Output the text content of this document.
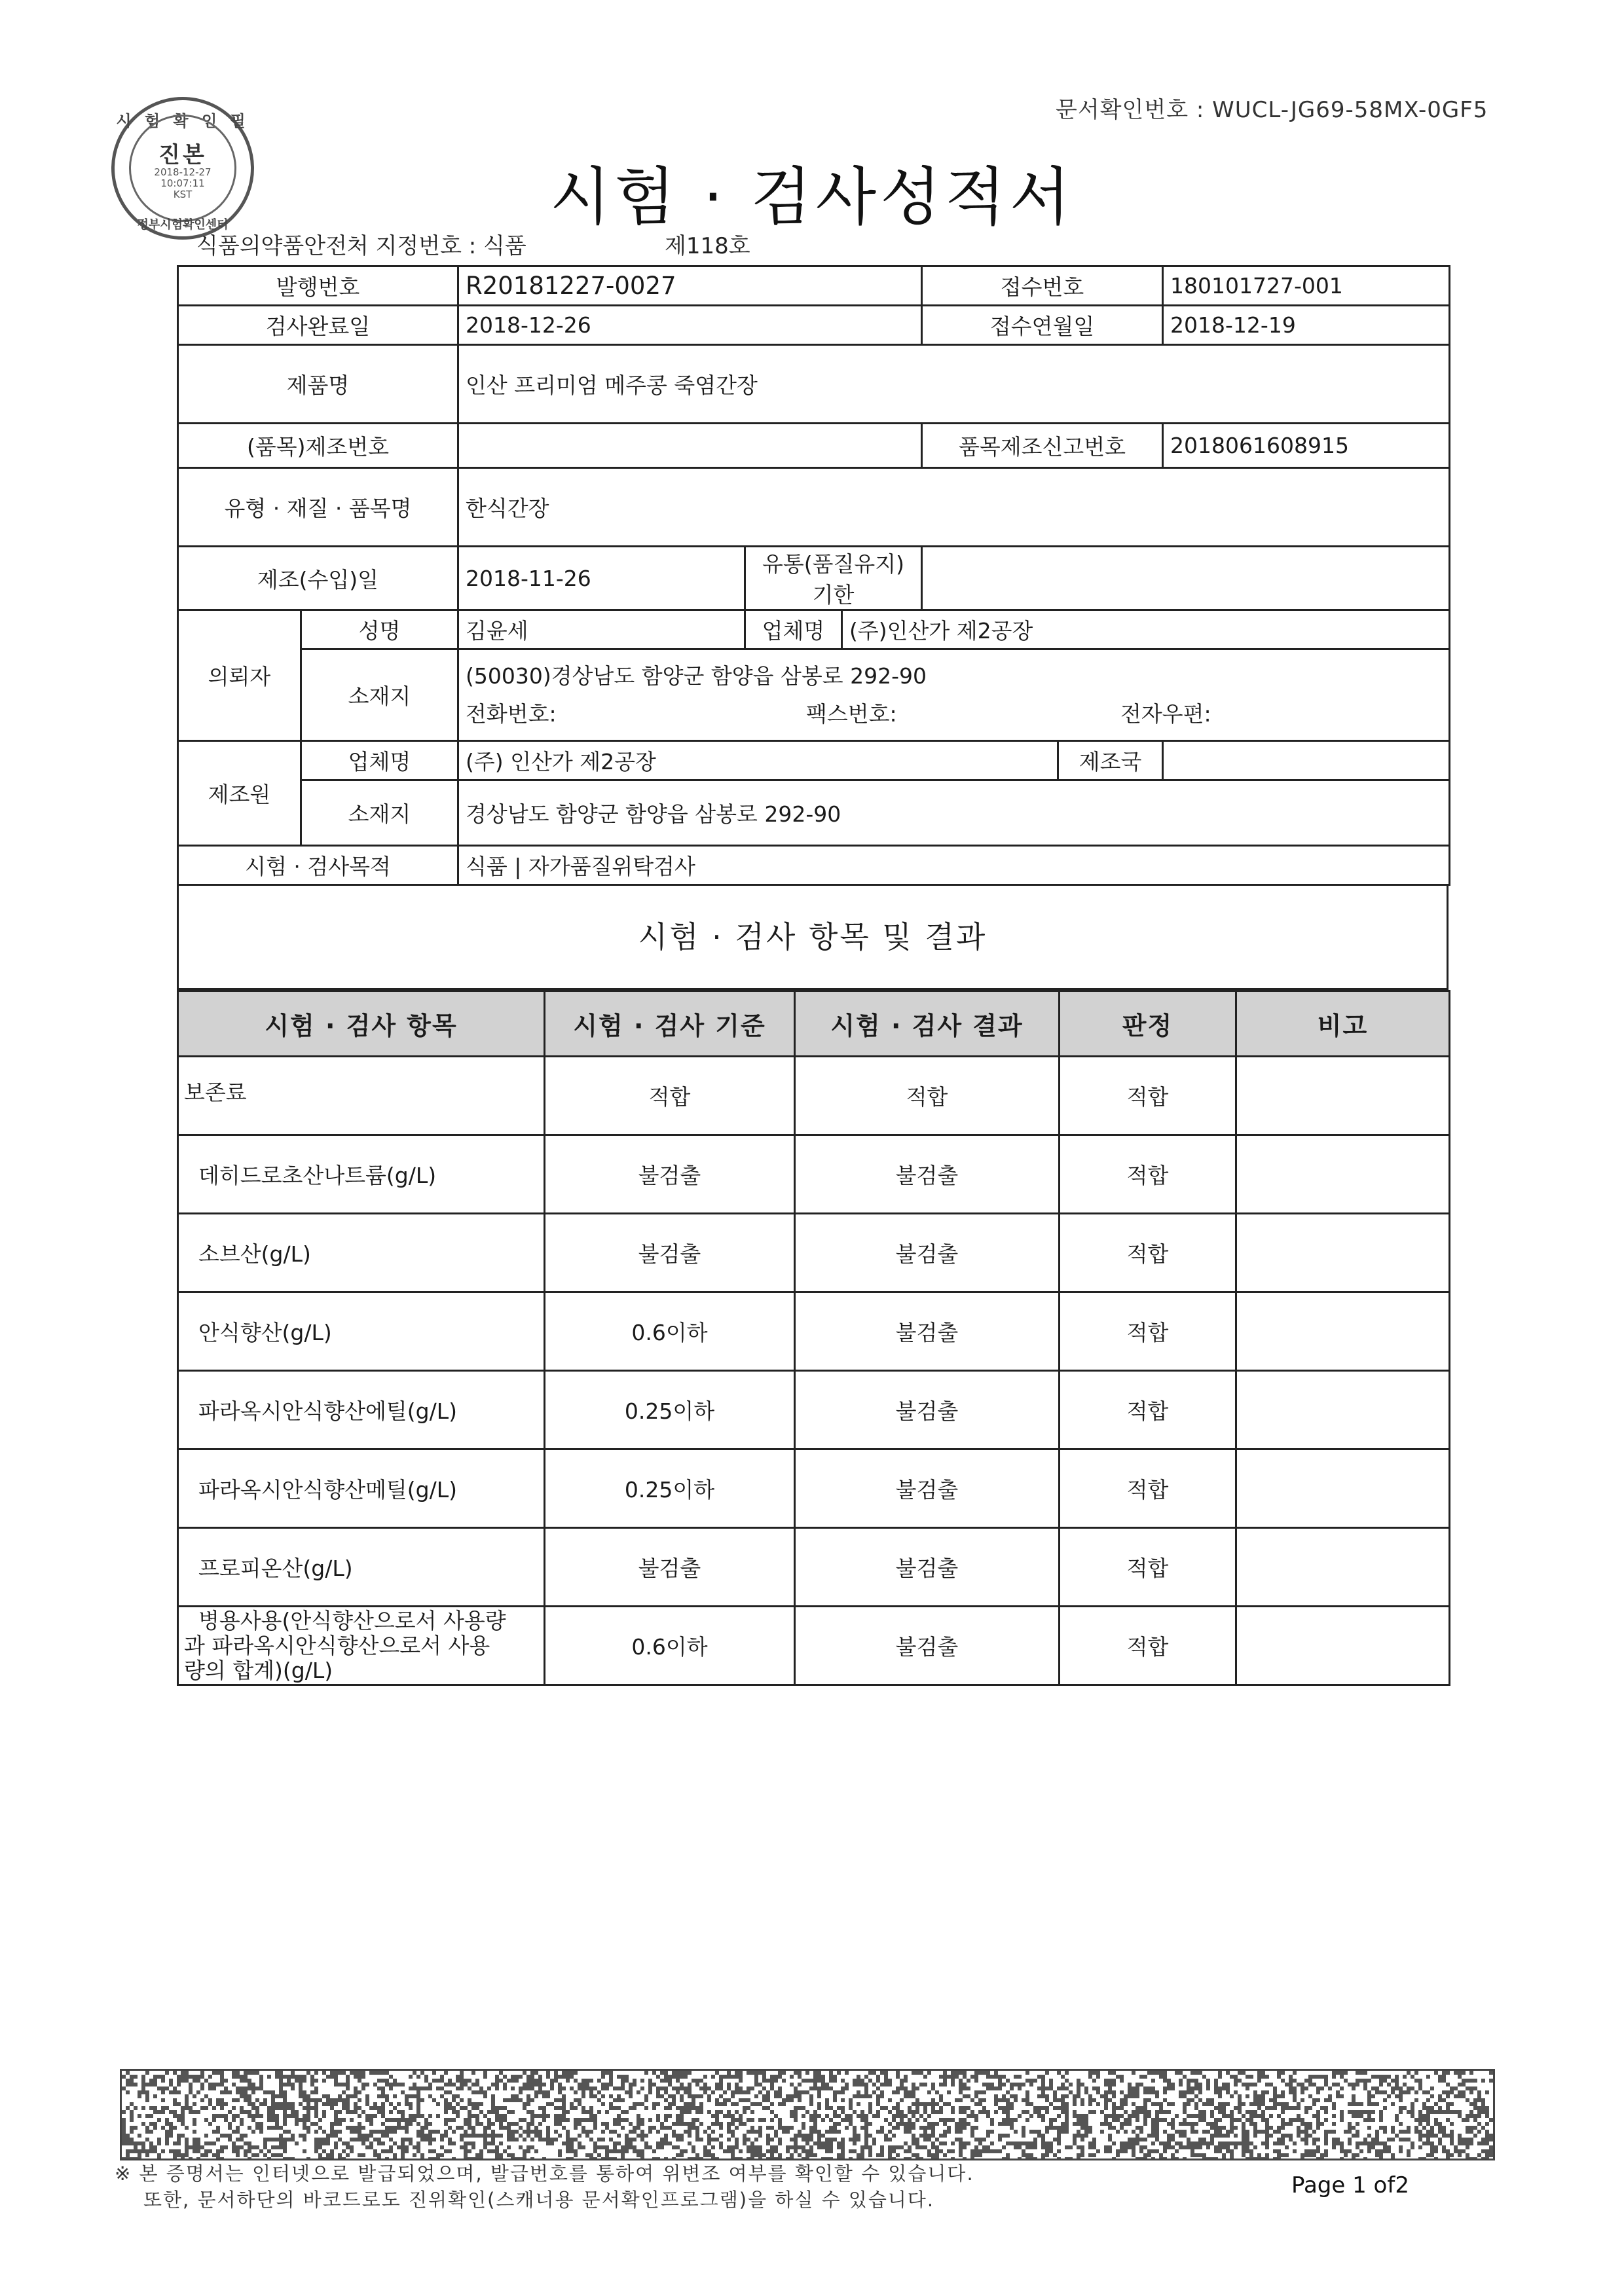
문서확인번호 : WUCL-JG69-58MX-0GF5
시 험 확 인 필
진본
2018-12-27
10:07:11
KST
정부시험확인센터	시험 · 검사성적서
식품의약품안전처 지정번호 : 식품	제118호
발행번호		R20181227-0027			접수번호		180101727-001
검사완료일		2018-12-26			접수연월일		2018-12-19
제품명		인산 프리미엄 메주콩 죽염간장					
(품목)제조번호					품목제조신고번호		2018061608915
유형 · 재질 · 품목명		한식간장					
제조(수입)일		2018-11-26	유통(품질유지)기한				
의뢰자	성명	김윤세	업체명	(주)인산가 제2공장			
	소재지	(50030)경상남도 함양군 함양읍 삼봉로 292-90
전화번호: 팩스번호: 전자우편:					

제조원	업체명	(주) 인산가 제2공장				제조국	
	소재지	경상남도 함양군 함양읍 삼봉로 292-90					
시험 · 검사목적		식품 | 자가품질위탁검사					
시험 · 검사 항목 및 결과
시험 · 검사 항목	시험 · 검사 기준	시험 · 검사 결과	판정	비고
보존료	적합	적합	적합	
데히드로초산나트륨(g/L)	불검출	불검출	적합	
소브산(g/L)	불검출	불검출	적합	
안식향산(g/L)	0.6이하	불검출	적합	
파라옥시안식향산에틸(g/L)	0.25이하	불검출	적합	
파라옥시안식향산메틸(g/L)	0.25이하	불검출	적합	
프로피온산(g/L)	불검출	불검출	적합	

병용사용(안식향산으로서 사용량
과 파라옥시안식향산으로서 사용
량의 합계)(g/L)	0.6이하	불검출	적합	
※ 본 증명서는 인터넷으로 발급되었으며, 발급번호를 통하여 위변조 여부를 확인할 수 있습니다.
또한, 문서하단의 바코드로도 진위확인(스캐너용 문서확인프로그램)을 하실 수 있습니다.
Page 1 of2
